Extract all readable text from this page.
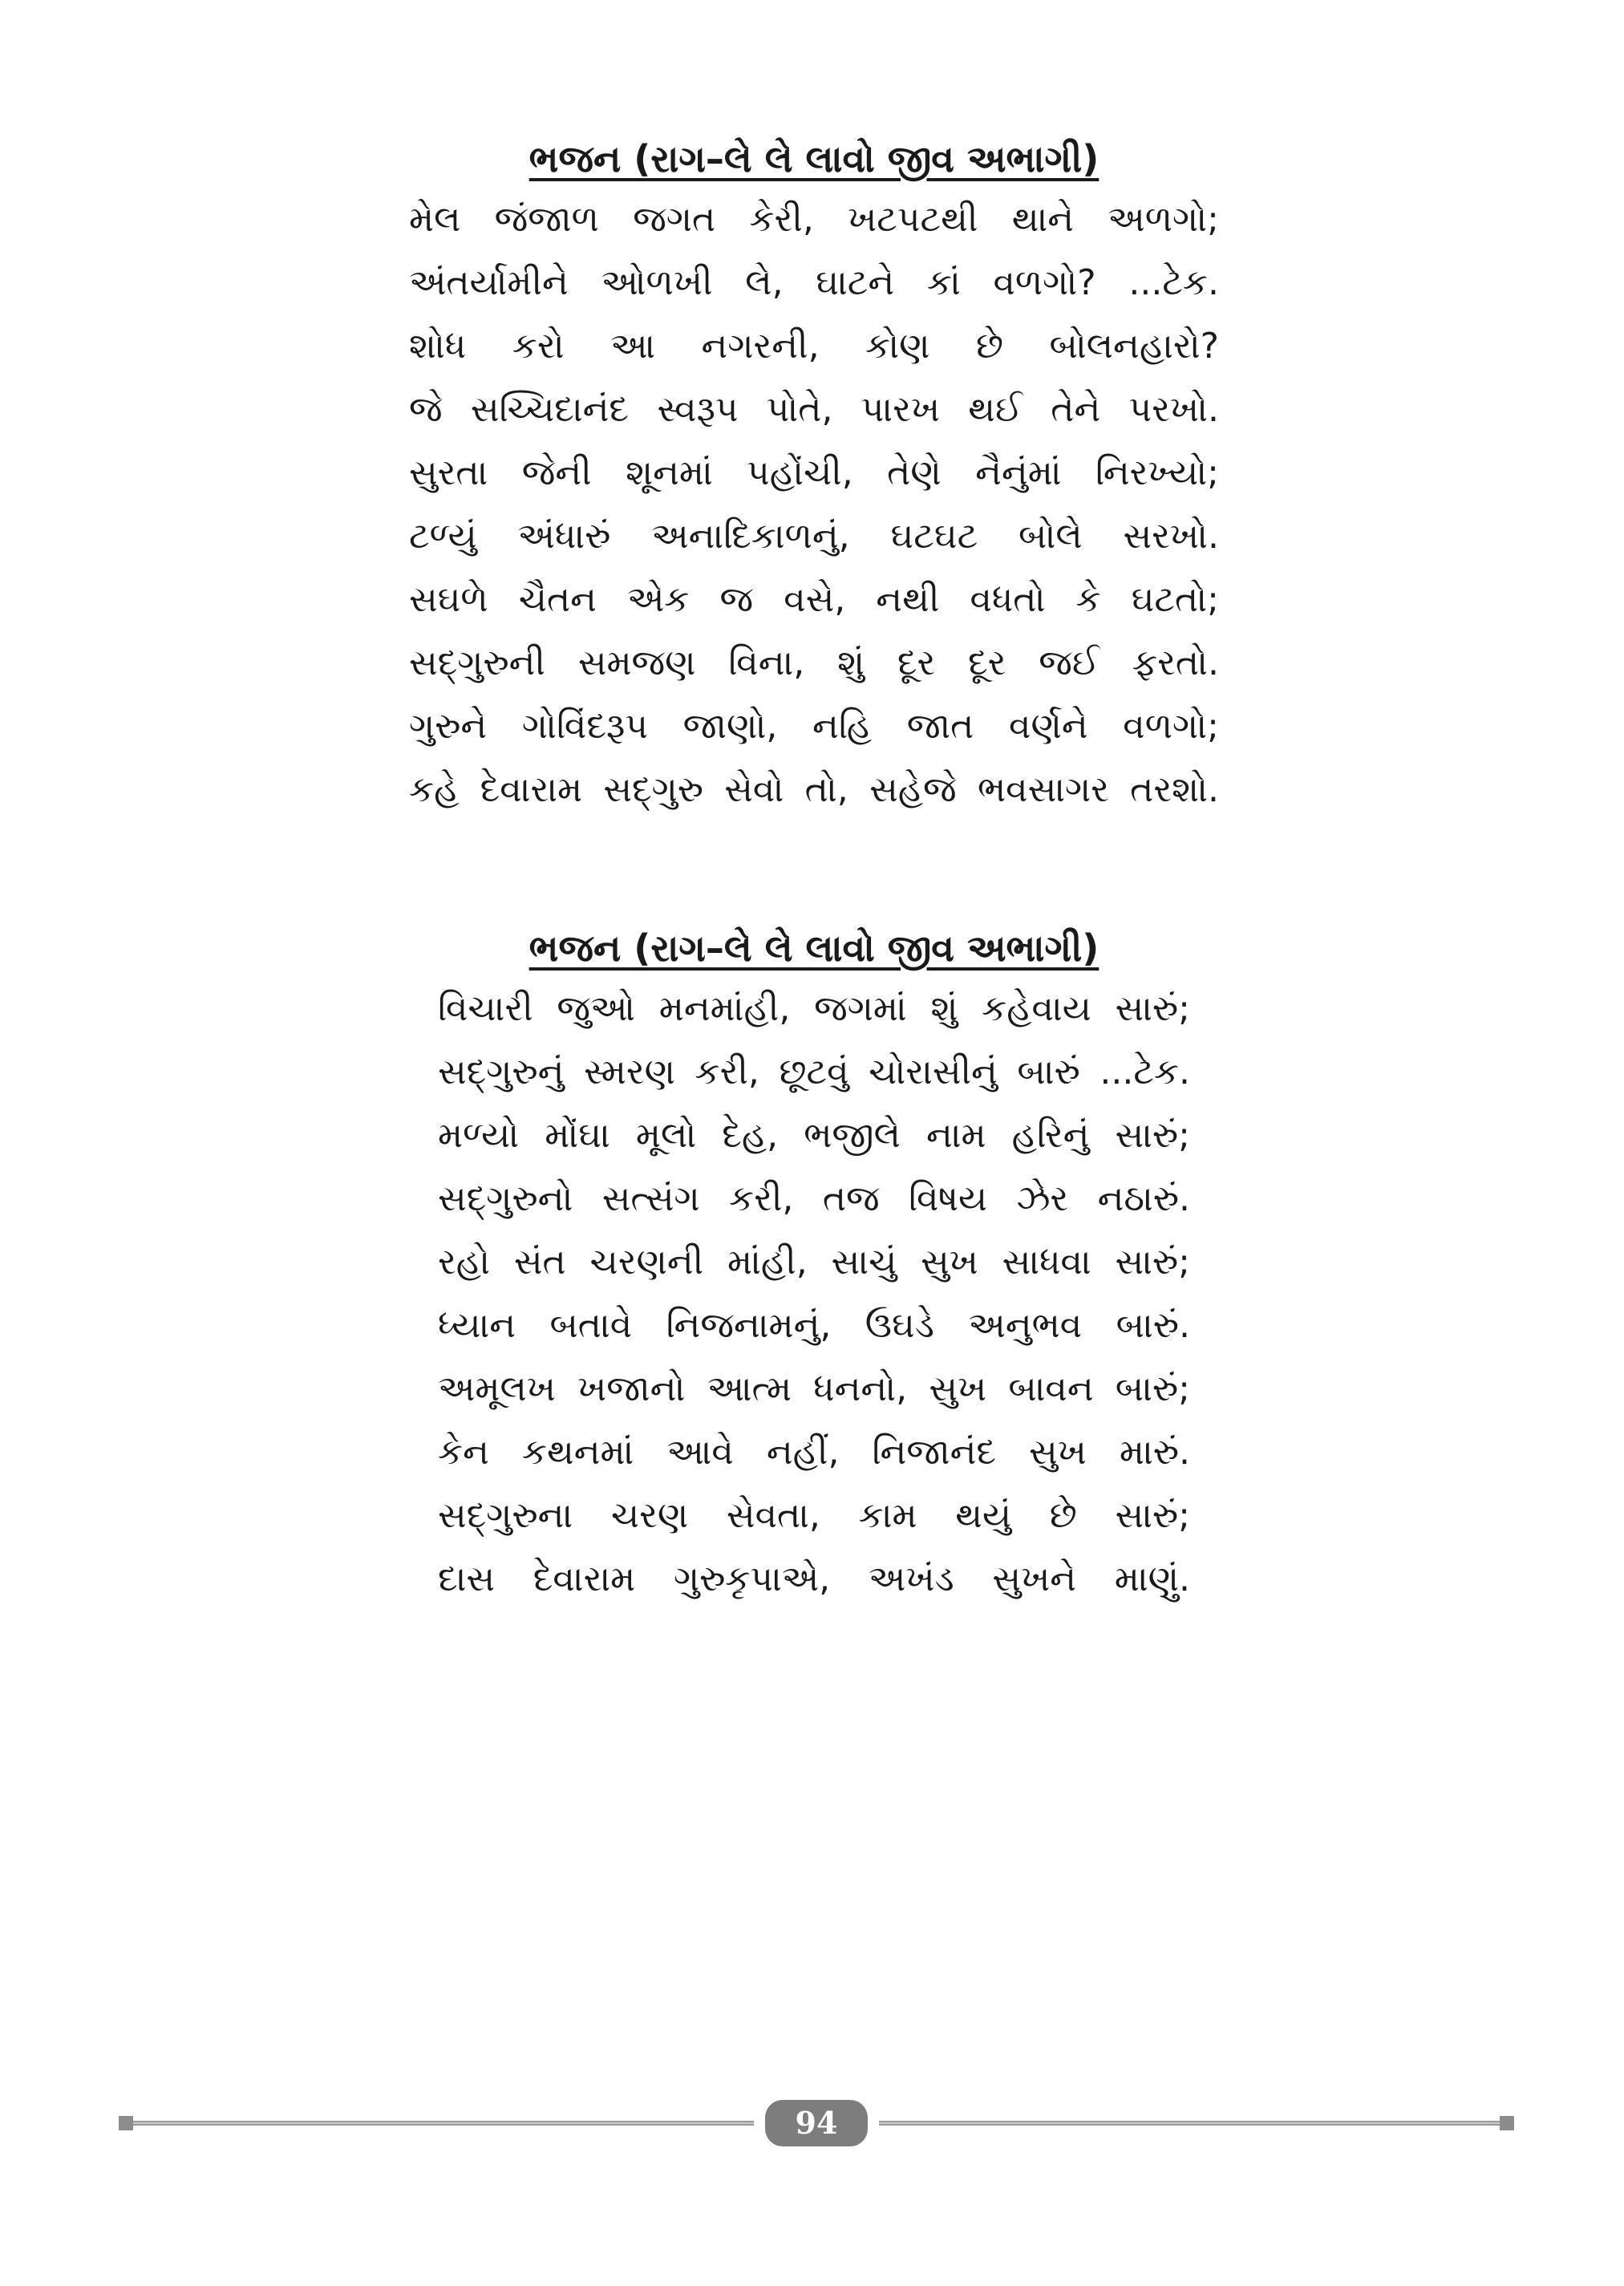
ભજન (રાગ–લે લે લાવો જીવ અભાગી)
મેલ જંજાળ જગત કેરી, ખટપટથી થાને અળગો;
અંતર્યામીને ઓળખી લે, ઘાટને કાં વળગો? ...ટેક.
શોધ કરો આ નગરની, કોણ છે બોલનહારો?
જે સચ્ચિદાનંદ સ્વરૂપ પોતે, પારખ થઈ તેને પરખો.
સુરતા જેની શૂનમાં પહોંચી, તેણે નૈનુંમાં નિરખ્યો;
ટળ્યું અંધારું અનાદિકાળનું, ઘટઘટ બોલે સરખો.
સઘળે ચૈતન એક જ વસે, નથી વધતો કે ઘટતો;
સદ્‌ગુરુની સમજણ વિના, શું દૂર દૂર જઈ ફરતો.
ગુરુને ગોવિંદરૂપ જાણો, નહિ જાત વર્ણને વળગો;
કહે દેવારામ સદ્‌ગુરુ સેવો તો, સહેજે ભવસાગર તરશો.
ભજન (રાગ–લે લે લાવો જીવ અભાગી)
વિચારી જુઓ મનમાંહી, જગમાં શું કહેવાય સારું;
સદ્‌ગુરુનું સ્મરણ કરી, છૂટવું ચોરાસીનું બારું ...ટેક.
મળ્યો મોંઘા મૂલો દેહ, ભજીલે નામ હરિનું સારું;
સદ્‌ગુરુનો સત્સંગ કરી, તજ વિષય ઝેર નઠારું.
રહો સંત ચરણની માંહી, સાચું સુખ સાધવા સારું;
ધ્યાન બતાવે નિજનામનું, ઉઘડે અનુભવ બારું.
અમૂલખ ખજાનો આત્મ ધનનો, સુખ બાવન બારું;
કેન કથનમાં આવે નહીં, નિજાનંદ સુખ મારું.
સદ્‌ગુરુના ચરણ સેવતા, કામ થયું છે સારું;
દાસ દેવારામ ગુરુકૃપાએ, અખંડ સુખને માણું.
94
